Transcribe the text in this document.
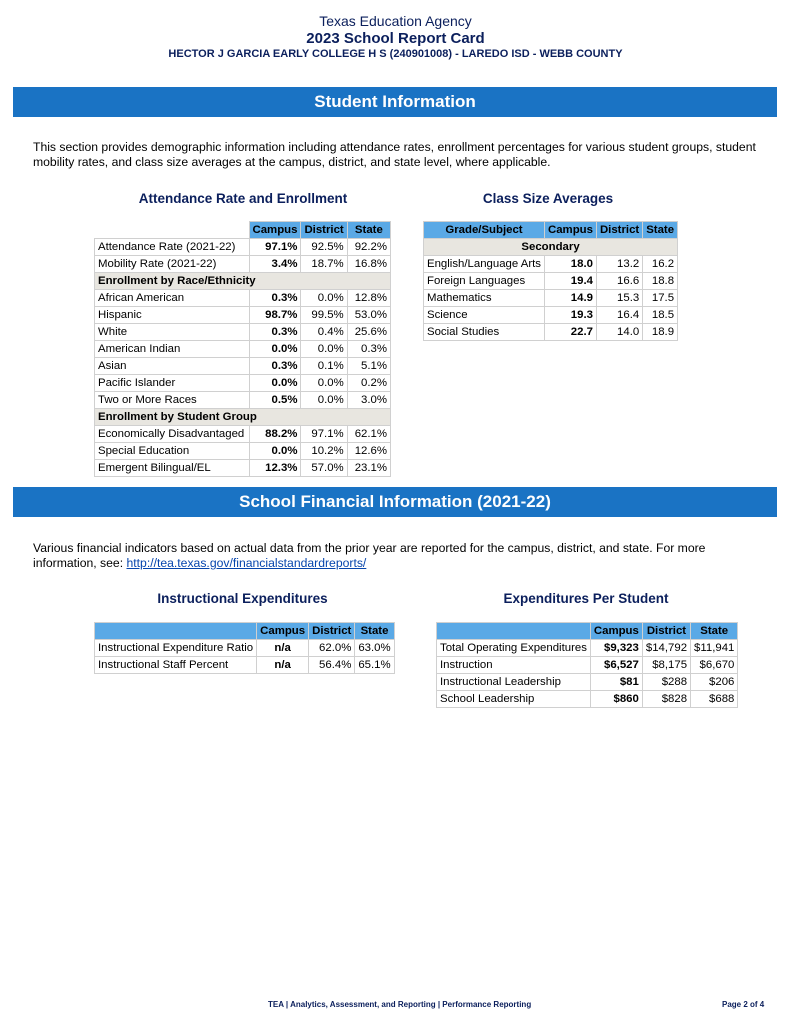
Texas Education Agency
2023 School Report Card
HECTOR J GARCIA EARLY COLLEGE H S (240901008) - LAREDO ISD - WEBB COUNTY
Student Information
This section provides demographic information including attendance rates, enrollment percentages for various student groups, student mobility rates, and class size averages at the campus, district, and state level, where applicable.
Attendance Rate and Enrollment	Class Size Averages
	Campus	District	State
Attendance Rate (2021-22)	97.1%	92.5%	92.2%
Mobility Rate (2021-22)	3.4%	18.7%	16.8%
Enrollment by Race/Ethnicity			
African American	0.3%	0.0%	12.8%
Hispanic	98.7%	99.5%	53.0%
White	0.3%	0.4%	25.6%
American Indian	0.0%	0.0%	0.3%
Asian	0.3%	0.1%	5.1%
Pacific Islander	0.0%	0.0%	0.2%
Two or More Races	0.5%	0.0%	3.0%
Enrollment by Student Group			
Economically Disadvantaged	88.2%	97.1%	62.1%
Special Education	0.0%	10.2%	12.6%
Emergent Bilingual/EL	12.3%	57.0%	23.1%
Grade/Subject	Campus	District	State
Secondary			
English/Language Arts	18.0	13.2	16.2
Foreign Languages	19.4	16.6	18.8
Mathematics	14.9	15.3	17.5
Science	19.3	16.4	18.5
Social Studies	22.7	14.0	18.9
School Financial Information (2021-22)
Various financial indicators based on actual data from the prior year are reported for the campus, district, and state. For more information, see: http://tea.texas.gov/financialstandardreports/
Instructional Expenditures	Expenditures Per Student
	Campus	District	State
Instructional Expenditure Ratio	n/a	62.0%	63.0%
Instructional Staff Percent	n/a	56.4%	65.1%
	Campus	District	State
Total Operating Expenditures	$9,323	$14,792	$11,941
Instruction	$6,527	$8,175	$6,670
Instructional Leadership	$81	$288	$206
School Leadership	$860	$828	$688
TEA | Analytics, Assessment, and Reporting | Performance Reporting	Page 2 of 4
